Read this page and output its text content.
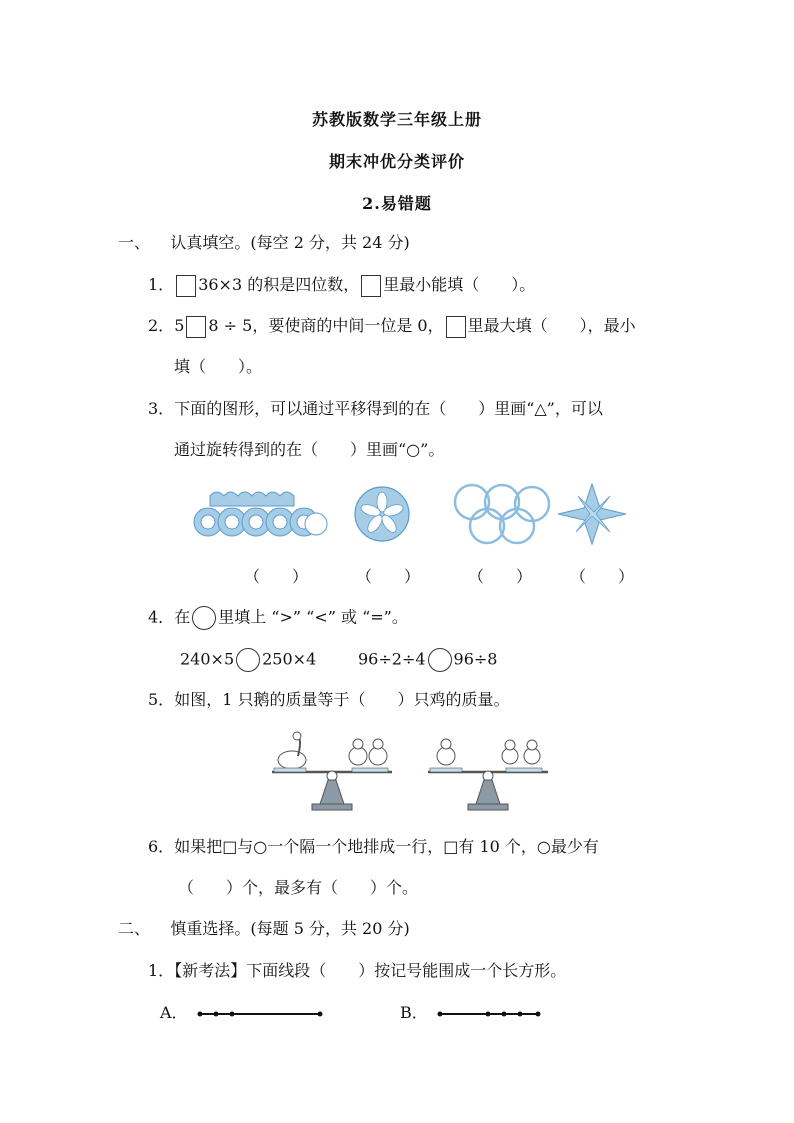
苏教版数学三年级上册
期末冲优分类评价
2.易错题
一、 认真填空。(每空 2 分，共 24 分)
1． 36×3 的积是四位数， 里最小能填（　　）。
2．5 8 ÷ 5，要使商的中间一位是 0， 里最大填（　　），最小
填（　　）。
3．下面的图形，可以通过平移得到的在（　　）里画“△”，可以
通过旋转得到的在（　　）里画“○”。
（　　）	（　　）	（　　） （　　）
4．在 里填上 “>” “<” 或 “=”。
240×5 250×4	96÷2÷4 96÷8
5．如图，1 只鹅的质量等于（　　）只鸡的质量。
6．如果把□与○一个隔一个地排成一行，□有 10 个，○最少有
（　　）个，最多有（　　）个。
二、 慎重选择。(每题 5 分，共 20 分)
1．【新考法】下面线段（　　）按记号能围成一个长方形。
A．	B．
